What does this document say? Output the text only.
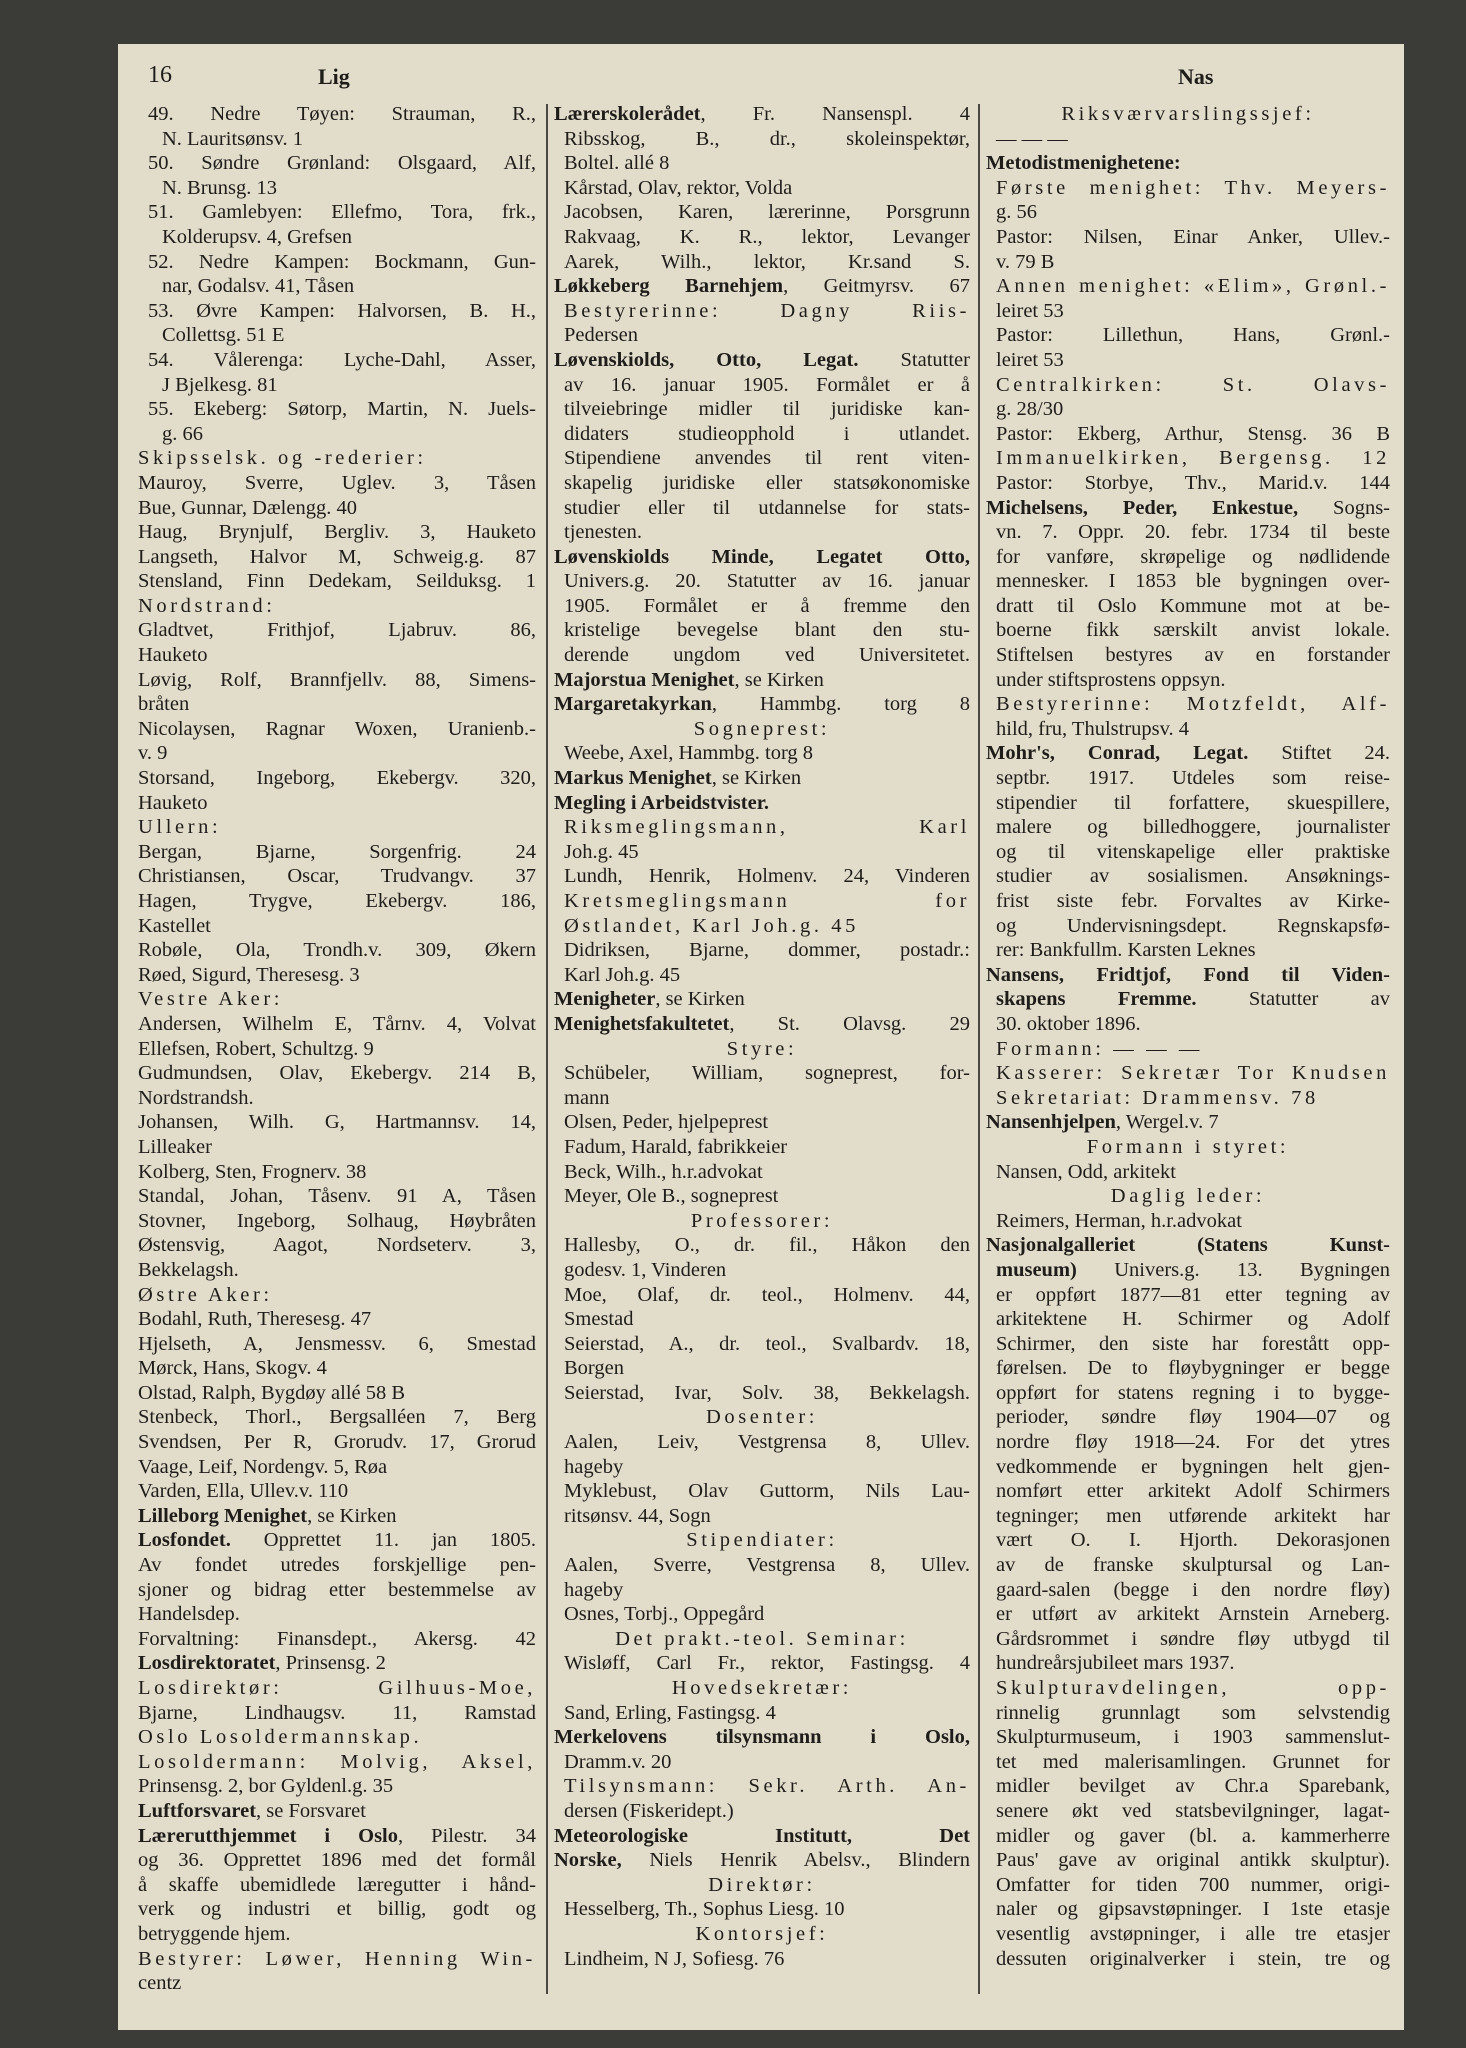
16	Lig	Nas
49. Nedre Tøyen: Strauman, R.,
N. Lauritsønsv. 1
50. Søndre Grønland: Olsgaard, Alf,
N. Brunsg. 13
51. Gamlebyen: Ellefmo, Tora, frk.,
Kolderupsv. 4, Grefsen
52. Nedre Kampen: Bockmann, Gun-
nar, Godalsv. 41, Tåsen
53. Øvre Kampen: Halvorsen, B. H.,
Collettsg. 51 E
54. Vålerenga: Lyche-Dahl, Asser,
J Bjelkesg. 81
55. Ekeberg: Søtorp, Martin, N. Juels-
g. 66
Skipsselsk. og -rederier:
Mauroy, Sverre, Uglev. 3, Tåsen
Bue, Gunnar, Dælengg. 40
Haug, Brynjulf, Bergliv. 3, Hauketo
Langseth, Halvor M, Schweig.g. 87
Stensland, Finn Dedekam, Seilduksg. 1
Nordstrand:
Gladtvet, Frithjof, Ljabruv. 86,
Hauketo
Løvig, Rolf, Brannfjellv. 88, Simens-
bråten
Nicolaysen, Ragnar Woxen, Uranienb.-
v. 9
Storsand, Ingeborg, Ekebergv. 320,
Hauketo
Ullern:
Bergan, Bjarne, Sorgenfrig. 24
Christiansen, Oscar, Trudvangv. 37
Hagen, Trygve, Ekebergv. 186,
Kastellet
Robøle, Ola, Trondh.v. 309, Økern
Røed, Sigurd, Theresesg. 3
Vestre Aker:
Andersen, Wilhelm E, Tårnv. 4, Volvat
Ellefsen, Robert, Schultzg. 9
Gudmundsen, Olav, Ekebergv. 214 B,
Nordstrandsh.
Johansen, Wilh. G, Hartmannsv. 14,
Lilleaker
Kolberg, Sten, Frognerv. 38
Standal, Johan, Tåsenv. 91 A, Tåsen
Stovner, Ingeborg, Solhaug, Høybråten
Østensvig, Aagot, Nordseterv. 3,
Bekkelagsh.
Østre Aker:
Bodahl, Ruth, Theresesg. 47
Hjelseth, A, Jensmessv. 6, Smestad
Mørck, Hans, Skogv. 4
Olstad, Ralph, Bygdøy allé 58 B
Stenbeck, Thorl., Bergsalléen 7, Berg
Svendsen, Per R, Grorudv. 17, Grorud
Vaage, Leif, Nordengv. 5, Røa
Varden, Ella, Ullev.v. 110
Lilleborg Menighet, se Kirken
Losfondet. Opprettet 11. jan 1805.
Av fondet utredes forskjellige pen-
sjoner og bidrag etter bestemmelse av
Handelsdep.
Forvaltning: Finansdept., Akersg. 42
Losdirektoratet, Prinsensg. 2
Losdirektør: Gilhuus-Moe,
Bjarne, Lindhaugsv. 11, Ramstad
Oslo Losoldermannskap.
Losoldermann: Molvig, Aksel,
Prinsensg. 2, bor Gyldenl.g. 35
Luftforsvaret, se Forsvaret
Lærегutthjemmet i Oslo, Pilestr. 34
og 36. Opprettet 1896 med det formål
å skaffe ubemidlede læregutter i hånd-
verk og industri et billig, godt og
betryggende hjem.
Bestyrer: Løwer, Henning Win-
centz
Lærerskolerådet, Fr. Nansenspl. 4
Ribsskog, B., dr., skoleinspektør,
Boltel. allé 8
Kårstad, Olav, rektor, Volda
Jacobsen, Karen, lærerinne, Porsgrunn
Rakvaag, K. R., lektor, Levanger
Aarek, Wilh., lektor, Kr.sand S.
Løkkeberg Barnehjem, Geitmyrsv. 67
Bestyrerinne: Dagny Riis-
Pedersen
Løvenskiolds, Otto, Legat. Statutter
av 16. januar 1905. Formålet er å
tilveiebringe midler til juridiske kan-
didaters studieopphold i utlandet.
Stipendiene anvendes til rent viten-
skapelig juridiske eller statsøkonomiske
studier eller til utdannelse for stats-
tjenesten.
Løvenskiolds Minde, Legatet Otto,
Univers.g. 20. Statutter av 16. januar
1905. Formålet er å fremme den
kristelige bevegelse blant den stu-
derende ungdom ved Universitetet.
Majorstua Menighet, se Kirken
Margaretakyrkan, Hammbg. torg 8
Sogneprest:
Weebe, Axel, Hammbg. torg 8
Markus Menighet, se Kirken
Megling i Arbeidstvister.
Riksmeglingsmann, Karl
Joh.g. 45
Lundh, Henrik, Holmenv. 24, Vinderen
Kretsmeglingsmann for
Østlandet, Karl Joh.g. 45
Didriksen, Bjarne, dommer, postadr.:
Karl Joh.g. 45
Menigheter, se Kirken
Menighetsfakultetet, St. Olavsg. 29
Styre:
Schübeler, William, sogneprest, for-
mann
Olsen, Peder, hjelpeprest
Fadum, Harald, fabrikkeier
Beck, Wilh., h.r.advokat
Meyer, Ole B., sogneprest
Professorer:
Hallesby, O., dr. fil., Håkon den
godesv. 1, Vinderen
Moe, Olaf, dr. teol., Holmenv. 44,
Smestad
Seierstad, A., dr. teol., Svalbardv. 18,
Borgen
Seierstad, Ivar, Solv. 38, Bekkelagsh.
Dosenter:
Aalen, Leiv, Vestgrensa 8, Ullev.
hageby
Myklebust, Olav Guttorm, Nils Lau-
ritsønsv. 44, Sogn
Stipendiater:
Aalen, Sverre, Vestgrensa 8, Ullev.
hageby
Osnes, Torbj., Oppegård
Det prakt.-teol. Seminar:
Wisløff, Carl Fr., rektor, Fastingsg. 4
Hovedsekretær:
Sand, Erling, Fastingsg. 4
Merkelovens tilsynsmann i Oslo,
Dramm.v. 20
Tilsynsmann: Sekr. Arth. An-
dersen (Fiskeridept.)
Meteorologiske Institutt, Det
Norske, Niels Henrik Abelsv., Blindern
Direktør:
Hesselberg, Th., Sophus Liesg. 10
Kontorsjef:
Lindheim, N J, Sofiesg. 76
Riksværvarslingssjef:
— — —
Metodistmenighetene:
Første menighet: Thv. Meyers-
g. 56
Pastor: Nilsen, Einar Anker, Ullev.-
v. 79 B
Annen menighet: «Elim», Grønl.-
leiret 53
Pastor: Lillethun, Hans, Grønl.-
leiret 53
Centralkirken: St. Olavs-
g. 28/30
Pastor: Ekberg, Arthur, Stensg. 36 B
Immanuelkirken, Bergensg. 12
Pastor: Storbye, Thv., Marid.v. 144
Michelsens, Peder, Enkestue, Sogns-
vn. 7. Oppr. 20. febr. 1734 til beste
for vanføre, skrøpelige og nødlidende
mennesker. I 1853 ble bygningen over-
dratt til Oslo Kommune mot at be-
boerne fikk særskilt anvist lokale.
Stiftelsen bestyres av en forstander
under stiftsprostens oppsyn.
Bestyrerinne: Motzfeldt, Alf-
hild, fru, Thulstrupsv. 4
Mohr's, Conrad, Legat. Stiftet 24.
septbr. 1917. Utdeles som reise-
stipendier til forfattere, skuespillere,
malere og billedhoggere, journalister
og til vitenskapelige eller praktiske
studier av sosialismen. Ansøknings-
frist siste febr. Forvaltes av Kirke-
og Undervisningsdept. Regnskapsfø-
rer: Bankfullm. Karsten Leknes
Nansens, Fridtjof, Fond til Viden-
skapens Fremme. Statutter av
30. oktober 1896.
Formann: — — —
Kasserer: Sekretær Tor Knudsen
Sekretariat: Drammensv. 78
Nansenhjelpen, Wergel.v. 7
Formann i styret:
Nansen, Odd, arkitekt
Daglig leder:
Reimers, Herman, h.r.advokat
Nasjonalgalleriet (Statens Kunst-
museum) Univers.g. 13. Bygningen
er oppført 1877—81 etter tegning av
arkitektene H. Schirmer og Adolf
Schirmer, den siste har forestått opp-
førelsen. De to fløybygninger er begge
oppført for statens regning i to bygge-
perioder, søndre fløy 1904—07 og
nordre fløy 1918—24. For det ytres
vedkommende er bygningen helt gjen-
nomført etter arkitekt Adolf Schirmers
tegninger; men utførende arkitekt har
vært O. I. Hjorth. Dekorasjonen
av de franske skulptursal og Lan-
gaard-salen (begge i den nordre fløy)
er utført av arkitekt Arnstein Arneberg.
Gårdsrommet i søndre fløy utbygd til
hundreårsjubileet mars 1937.
Skulpturavdelingen, opp-
rinnelig grunnlagt som selvstendig
Skulpturmuseum, i 1903 sammenslut-
tet med malerisamlingen. Grunnet for
midler bevilget av Chr.a Sparebank,
senere økt ved statsbevilgninger, lagat-
midler og gaver (bl. a. kammerherre
Paus' gave av original antikk skulptur).
Omfatter for tiden 700 nummer, origi-
naler og gipsavstøpninger. I 1ste etasje
vesentlig avstøpninger, i alle tre etasjer
dessuten originalverker i stein, tre og
